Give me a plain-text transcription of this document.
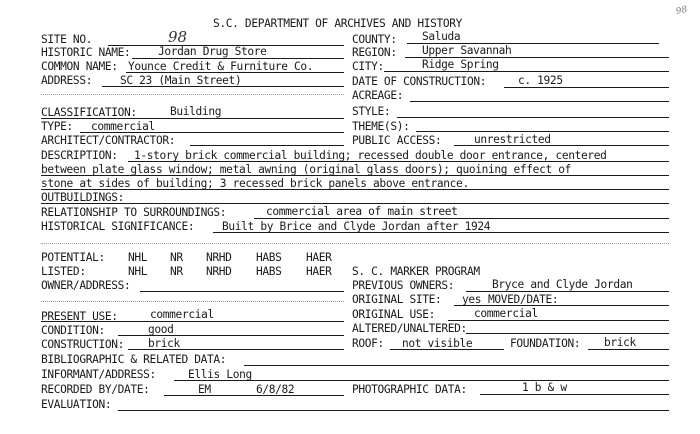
98
S.C. DEPARTMENT OF ARCHIVES AND HISTORY
SITE NO.	98	COUNTY: Saluda
HISTORIC NAME: Jordan Drug Store	REGION: Upper Savannah
COMMON NAME: Younce Credit & Furniture Co.	CITY:	Ridge Spring
ADDRESS: SC 23 (Main Street)	DATE OF CONSTRUCTION:	c. 1925
ACREAGE:
CLASSIFICATION:	Building	STYLE:
TYPE: commercial	THEME(S):
ARCHITECT/CONTRACTOR:	PUBLIC ACCESS:	unrestricted
DESCRIPTION: 1-story brick commercial building; recessed double door entrance, centered
between plate glass window; metal awning (original glass doors); quoining effect of
stone at sides of building; 3 recessed brick panels above entrance.
OUTBUILDINGS:
RELATIONSHIP TO SURROUNDINGS:	commercial area of main street
HISTORICAL SIGNIFICANCE: Built by Brice and Clyde Jordan after 1924
POTENTIAL: NHL NR NRHD HABS HAER
LISTED:	NHL NR NRHD HABS HAER S. C. MARKER PROGRAM
OWNER/ADDRESS:	PREVIOUS OWNERS:	Bryce and Clyde Jordan
ORIGINAL SITE: yes MOVED/DATE:
PRESENT USE:	commercial	ORIGINAL USE:	commercial
CONDITION:	good	ALTERED/UNALTERED:
CONSTRUCTION: brick	ROOF: not visible	FOUNDATION: brick
BIBLIOGRAPHIC & RELATED DATA:
INFORMANT/ADDRESS:	Ellis Long
RECORDED BY/DATE:	EM	6/8/82	PHOTOGRAPHIC DATA:	1 b & w
EVALUATION:
